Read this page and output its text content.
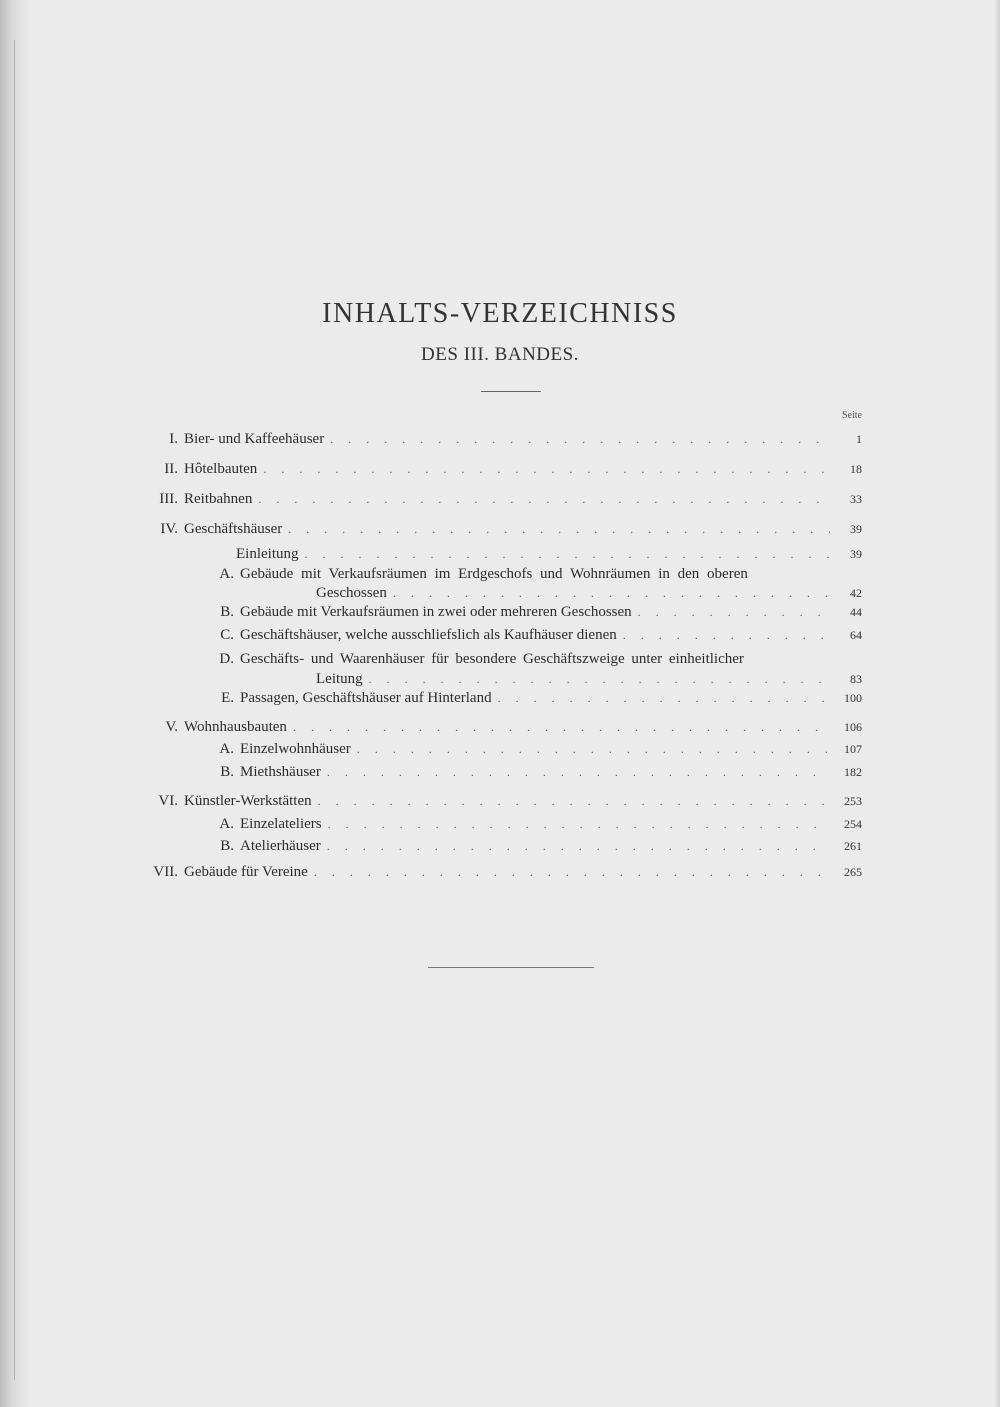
INHALTS-VERZEICHNISS
DES III. BANDES.
Seite
I. Bier- und Kaffeehäuser . . .	1
II. Hôtelbauten . . .	18
III. Reitbahnen . . .	33
IV. Geschäftshäuser . . .	39
Einleitung . . .	39
A. Gebäude mit Verkaufsräumen im Erdgeschofs und Wohnräumen in den oberen
Geschossen . . .	42
B. Gebäude mit Verkaufsräumen in zwei oder mehreren Geschossen . . .	44
C. Geschäftshäuser, welche ausschliefslich als Kaufhäuser dienen . . .	64
D. Geschäfts- und Waarenhäuser für besondere Geschäftszweige unter einheitlicher
Leitung . . .	83
E. Passagen, Geschäftshäuser auf Hinterland . . .	100
V. Wohnhausbauten . . .	106
A. Einzelwohnhäuser . . .	107
B. Miethshäuser . . .	182
VI. Künstler-Werkstätten . . .	253
A. Einzelateliers . . .	254
B. Atelierhäuser . . .	261
VII. Gebäude für Vereine . . .	265
